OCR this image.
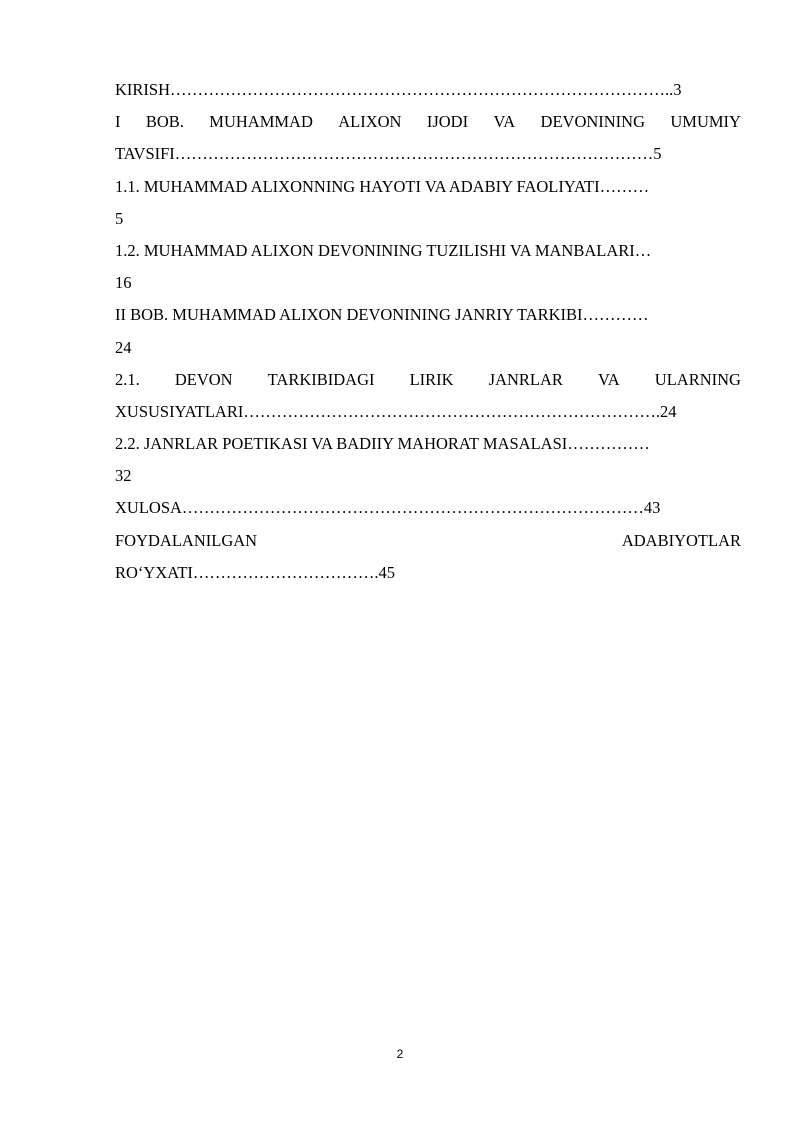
KIRISH………………………………………………………………………………..3
I BOB. MUHAMMAD ALIXON IJODI VA DEVONINING UMUMIY
TAVSIFI……………………………………………………………………………5
1.1. MUHAMMAD ALIXONNING HAYOTI VA ADABIY FAOLIYATI………
5
1.2. MUHAMMAD ALIXON DEVONINING TUZILISHI VA MANBALARI…
16
II BOB. MUHAMMAD ALIXON DEVONINING JANRIY TARKIBI…………
24
2.1. DEVON TARKIBIDAGI LIRIK JANRLAR VA ULARNING
XUSUSIYATLARI………………………………………………………………….24
2.2. JANRLAR POETIKASI VA BADIIY MAHORAT MASALASI……………
32
XULOSA…………………………………………………………………………43
FOYDALANILGAN	ADABIYOTLAR
RO‘YXATI…………………………….45
2
